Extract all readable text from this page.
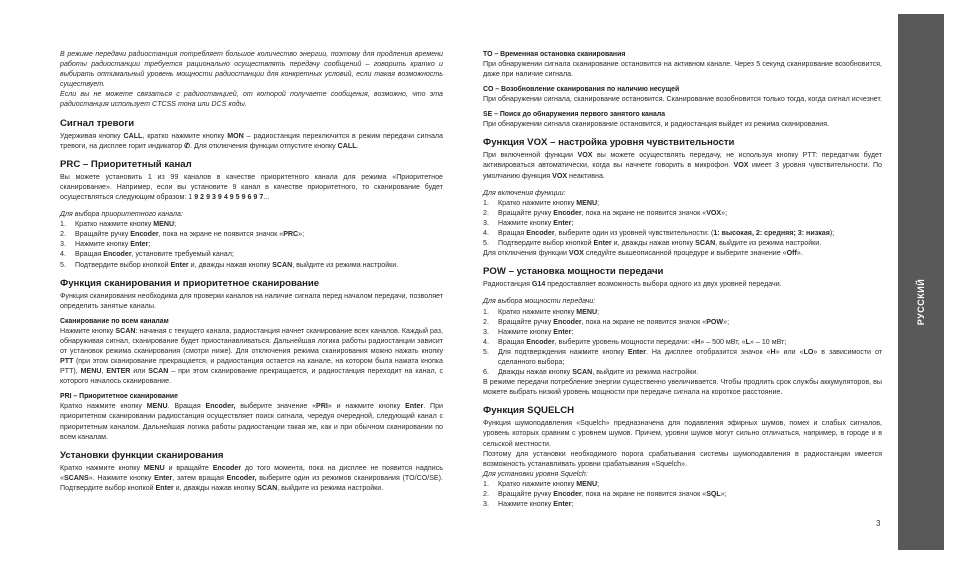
В режиме передачи радиостанция потребляет большое количество энергии, поэтому для продления времени работы радиостанции требуется рационально осуществлять передачу сообщений – говорить кратко и выбирать оптимальный уровень мощности радиостанции для конкретных условий, если такая возможность существует.

Если вы не можете связаться с радиостанцией, от которой получаете сообщения, возможно, что эта радиостанция использует CTCSS тона или DCS коды.

Сигнал тревоги

Удерживая кнопку CALL, кратко нажмите кнопку MON – радиостанция переключится в режим передачи сигнала тревоги, на дисплее горит индикатор ✆. Для отключения функции отпустите кнопку CALL.

PRC – Приоритетный канал

Вы можете установить 1 из 99 каналов в качестве приоритетного канала для режима «Приоритетное сканирование». Например, если вы установите 9 канал в качестве приоритетного, то сканирование будет осуществляться следующим образом: 1 9 2 9 3 9 4 9 5 9 6 9 7...

Для выбора приоритетного канала:

1. Кратко нажмите кнопку MENU;
2. Вращайте ручку Encoder, пока на экране не появится значок «PRC»;
3. Нажмите кнопку Enter;
4. Вращая Encoder, установите требуемый канал;
5. Подтвердите выбор кнопкой Enter и, дважды нажав кнопку SCAN, выйдите из режима настройки.
Функция сканирования и приоритетное сканирование

Функция сканирования необходима для проверки каналов на наличие сигнала перед началом передачи, позволяет определить занятые каналы.

Сканирование по всем каналам

Нажмите кнопку SCAN: начиная с текущего канала, радиостанция начнет сканирование всех каналов. Каждый раз, обнаруживая сигнал, сканирование будет приостанавливаться. Дальнейшая логика работы радиостанции зависит от установок режима сканирования (смотри ниже). Для отключения режима сканирования можно нажать кнопку PTT (при этом сканирование прекращается, и радиостанция остается на канале, на котором была нажата кнопка PTT), MENU, ENTER или SCAN – при этом сканирование прекращается, и радиостанция переходит на канал, с которого началось сканирование.

PRI – Приоритетное сканирование

Кратко нажмите кнопку MENU. Вращая Encoder, выберите значение «PRI» и нажмите кнопку Enter. При приоритетном сканировании радиостанция осуществляет поиск сигнала, чередуя очередной, следующий канал с приоритетным каналом. Дальнейшая логика работы радиостанции такая же, как и при обычном сканировании по всем каналам.

Установки функции сканирования

Кратко нажмите кнопку MENU и вращайте Encoder до того момента, пока на дисплее не появится надпись «SCANS». Нажмите кнопку Enter, затем вращая Encoder, выберите один из режимов сканирования (TO/CO/SE). Подтвердите выбор кнопкой Enter и, дважды нажав кнопку SCAN, выйдите из режима настройки.

TO – Временная остановка сканирования

При обнаружении сигнала сканирование остановится на активном канале. Через 5 секунд сканирование возобновится, даже при наличие сигнала.

CO – Возобновление сканирования по наличию несущей

При обнаружении сигнала, сканирование остановится. Сканирование возобновится только тогда, когда сигнал исчезнет.

SE – Поиск до обнаружения первого занятого канала

При обнаружении сигнала сканирование остановится, и радиостанция выйдет из режима сканирования.

Функция VOX – настройка уровня чувствительности

При включенной функции VOX вы можете осуществлять передачу, не используя кнопку PTT: передатчик будет активироваться автоматически, когда вы начнете говорить в микрофон. VOX имеет 3 уровня чувствительности. По умолчанию функция VOX неактивна.

Для включения функции:

1. Кратко нажмите кнопку MENU;
2. Вращайте ручку Encoder, пока на экране не появится значок «VOX»;
3. Нажмите кнопку Enter;
4. Вращая Encoder, выберите один из уровней чувствительности: (1: высокая, 2: средняя; 3: низкая);
5. Подтвердите выбор кнопкой Enter и, дважды нажав кнопку SCAN, выйдите из режима настройки.

Для отключения функции VOX следуйте вышеописанной процедуре и выберите значение «Off».

POW – установка мощности передачи

Радиостанция G14 предоставляет возможность выбора одного из двух уровней передачи.

Для выбора мощности передачи:

1. Кратко нажмите кнопку MENU;
2. Вращайте ручку Encoder, пока на экране не появится значок «POW»;
3. Нажмите кнопку Enter;
4. Вращая Encoder, выберите уровень мощности передачи: «H» – 500 мВт, «L» – 10 мВт;
5. Для подтверждения нажмите кнопку Enter. На дисплее отобразится значок «H» или «LO» в зависимости от сделанного выбора;
6. Дважды нажав кнопку SCAN, выйдите из режима настройки.

В режиме передачи потребление энергии существенно увеличивается. Чтобы продлить срок службы аккумуляторов, вы можете выбрать низкий уровень мощности при передаче сигнала на короткое расстояние.

Функция SQUELCH

Функция шумоподавления «Squelch» предназначена для подавления эфирных шумов, помех и слабых сигналов, уровень которых сравним с уровнем шумов. Причем, уровни шумов могут сильно отличаться, например, в городе и в сельской местности.

Поэтому для установки необходимого порога срабатывания системы шумоподавления в радиостанции имеется возможность устанавливать уровни срабатывания «Squelch».

Для установки уровня Squelch:

1. Кратко нажмите кнопку MENU;
2. Вращайте ручку Encoder, пока на экране не появится значок «SQL»;
3. Нажмите кнопку Enter;
РУССКИЙ
3
